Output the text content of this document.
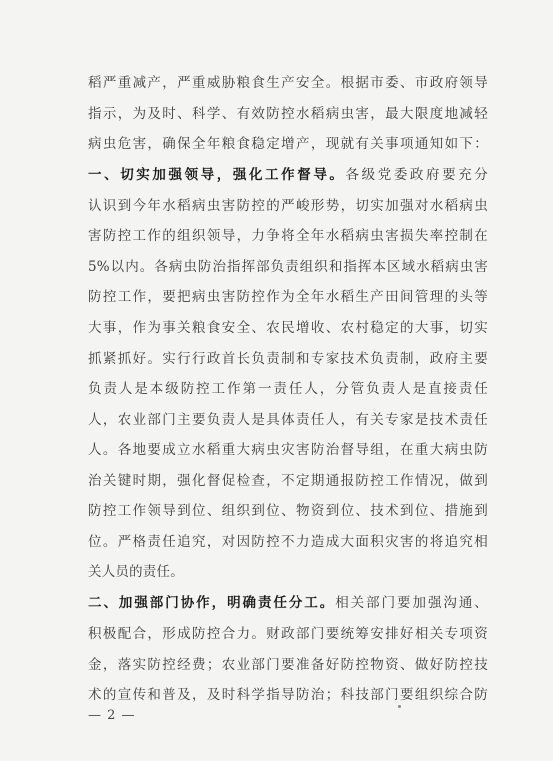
稻严重减产，严重威胁粮食生产安全。根据市委、市政府领导
指示，为及时、科学、有效防控水稻病虫害，最大限度地减轻
病虫危害，确保全年粮食稳定增产，现就有关事项通知如下：
一、切实加强领导，强化工作督导。各级党委政府要充分
认识到今年水稻病虫害防控的严峻形势，切实加强对水稻病虫
害防控工作的组织领导，力争将全年水稻病虫害损失率控制在
5%以内。各病虫防治指挥部负责组织和指挥本区域水稻病虫害
防控工作，要把病虫害防控作为全年水稻生产田间管理的头等
大事，作为事关粮食安全、农民增收、农村稳定的大事，切实
抓紧抓好。实行行政首长负责制和专家技术负责制，政府主要
负责人是本级防控工作第一责任人，分管负责人是直接责任
人，农业部门主要负责人是具体责任人，有关专家是技术责任
人。各地要成立水稻重大病虫灾害防治督导组，在重大病虫防
治关键时期，强化督促检查，不定期通报防控工作情况，做到
防控工作领导到位、组织到位、物资到位、技术到位、措施到
位。严格责任追究，对因防控不力造成大面积灾害的将追究相
关人员的责任。
二、加强部门协作，明确责任分工。相关部门要加强沟通、
积极配合，形成防控合力。财政部门要统筹安排好相关专项资
金，落实防控经费；农业部门要准备好防控物资、做好防控技
术的宣传和普及，及时科学指导防治；科技部门要组织综合防
— 2 —
